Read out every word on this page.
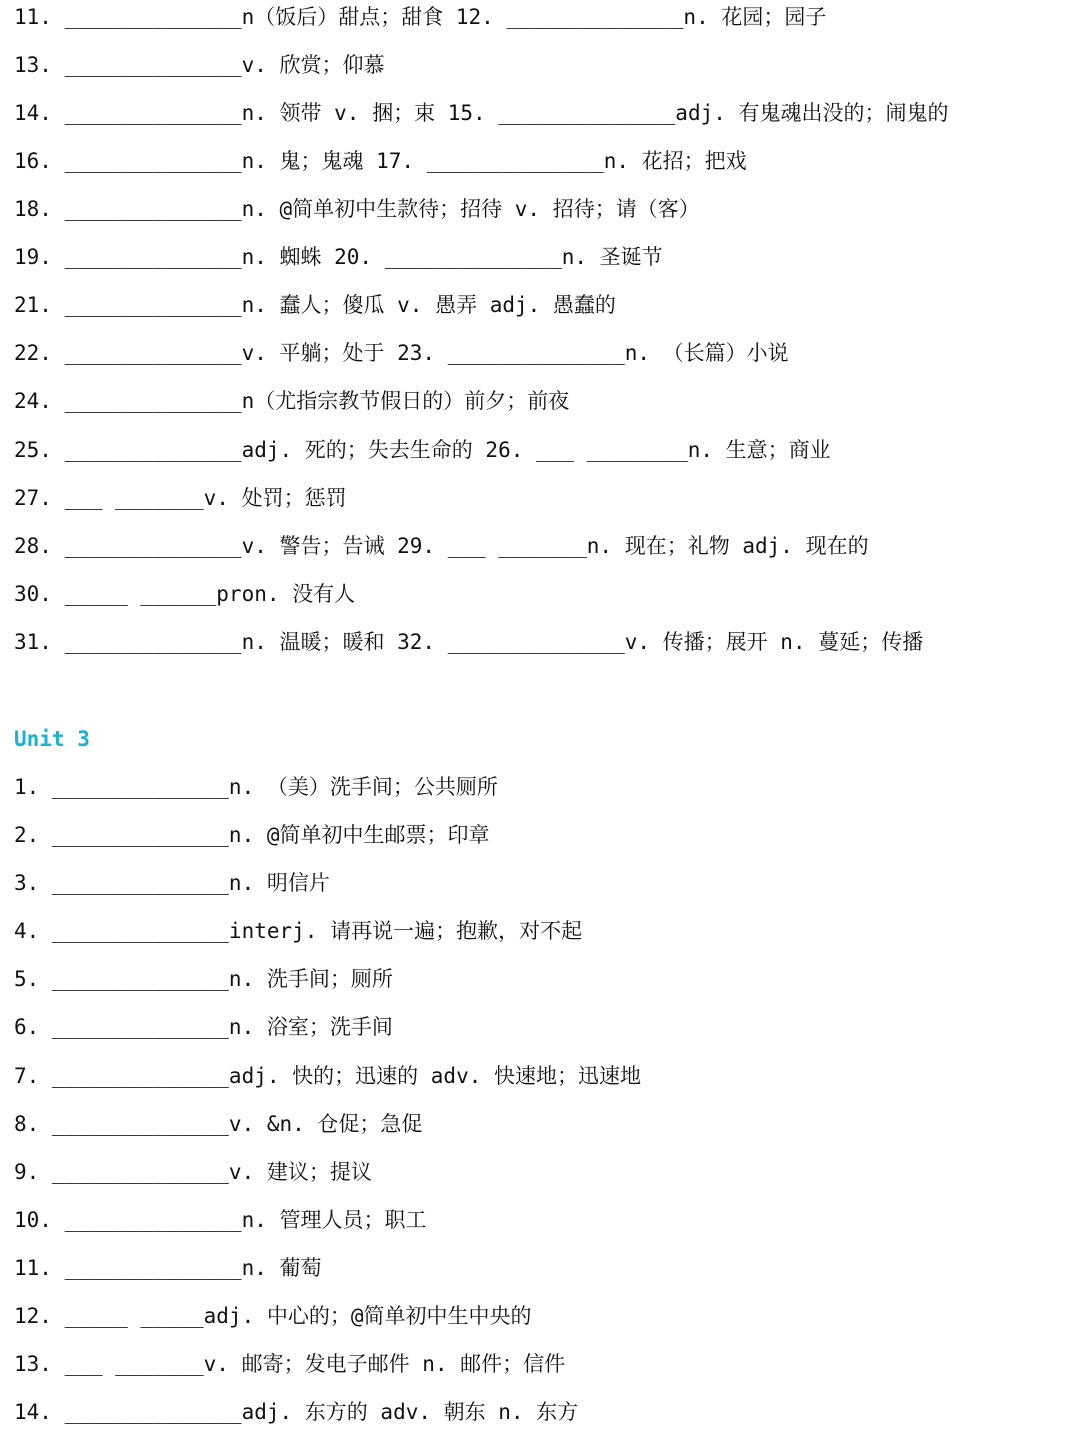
11. ______________n（饭后）甜点；甜食 12. ______________n. 花园；园子
13. ______________v. 欣赏；仰慕
14. ______________n. 领带 v. 捆；束 15. ______________adj. 有鬼魂出没的；闹鬼的
16. ______________n. 鬼；鬼魂 17. ______________n. 花招；把戏
18. ______________n. @简单初中生款待；招待 v. 招待；请（客）
19. ______________n. 蜘蛛 20. ______________n. 圣诞节
21. ______________n. 蠢人；傻瓜 v. 愚弄 adj. 愚蠢的
22. ______________v. 平躺；处于 23. ______________n. （长篇）小说
24. ______________n（尤指宗教节假日的）前夕；前夜
25. ______________adj. 死的；失去生命的 26. ___ ________n. 生意；商业
27. ___ _______v. 处罚；惩罚
28. ______________v. 警告；告诫 29. ___ _______n. 现在；礼物 adj. 现在的
30. _____ ______pron. 没有人
31. ______________n. 温暖；暖和 32. ______________v. 传播；展开 n. 蔓延；传播
Unit 3
1. ______________n. （美）洗手间；公共厕所
2. ______________n. @简单初中生邮票；印章
3. ______________n. 明信片
4. ______________interj. 请再说一遍；抱歉，对不起
5. ______________n. 洗手间；厕所
6. ______________n. 浴室；洗手间
7. ______________adj. 快的；迅速的 adv. 快速地；迅速地
8. ______________v. &n. 仓促；急促
9. ______________v. 建议；提议
10. ______________n. 管理人员；职工
11. ______________n. 葡萄
12. _____ _____adj. 中心的；@简单初中生中央的
13. ___ _______v. 邮寄；发电子邮件 n. 邮件；信件
14. ______________adj. 东方的 adv. 朝东 n. 东方
